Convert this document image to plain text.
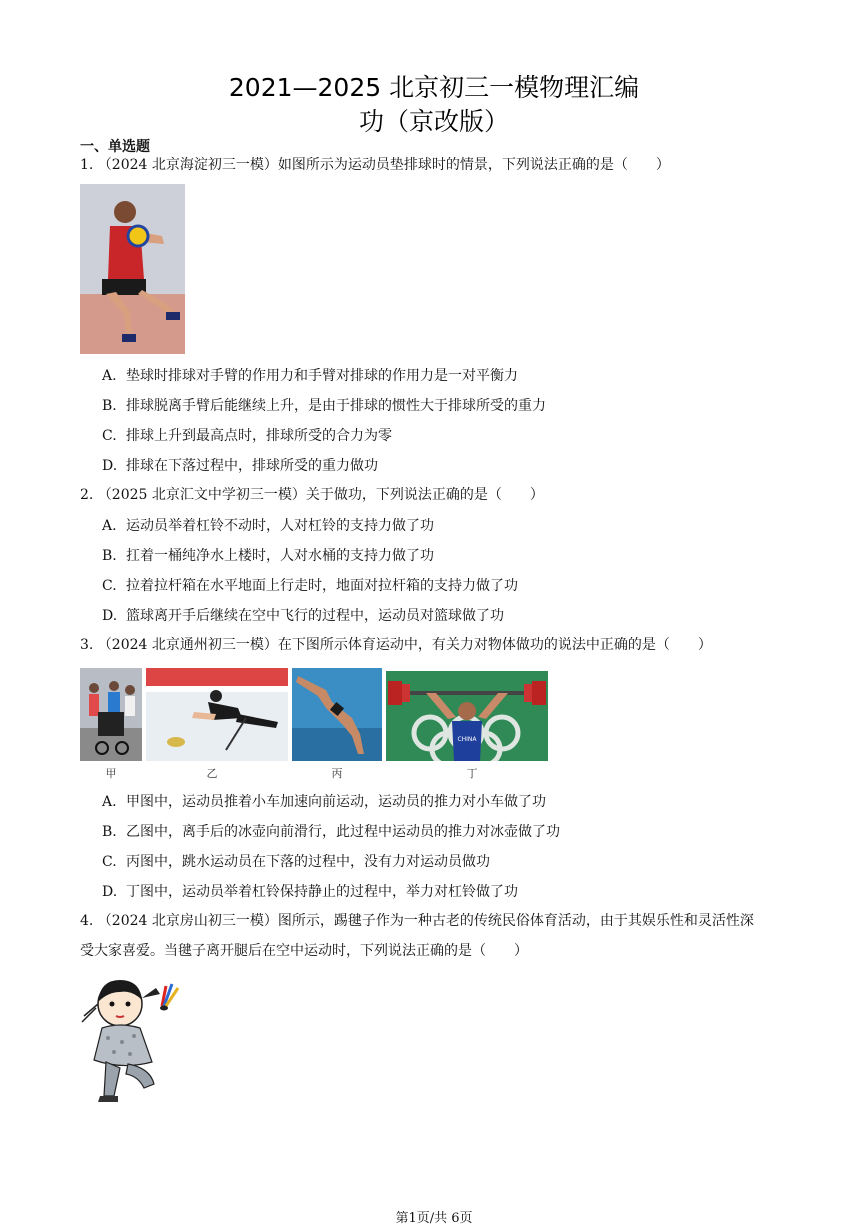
2021—2025 北京初三一模物理汇编
功（京改版）
一、单选题
1. （2024 北京海淀初三一模）如图所示为运动员垫排球时的情景，下列说法正确的是（　　）
A. 垫球时排球对手臂的作用力和手臂对排球的作用力是一对平衡力
B. 排球脱离手臂后能继续上升，是由于排球的惯性大于排球所受的重力
C. 排球上升到最高点时，排球所受的合力为零
D. 排球在下落过程中，排球所受的重力做功
2. （2025 北京汇文中学初三一模）关于做功，下列说法正确的是（　　）
A. 运动员举着杠铃不动时，人对杠铃的支持力做了功
B. 扛着一桶纯净水上楼时，人对水桶的支持力做了功
C. 拉着拉杆箱在水平地面上行走时，地面对拉杆箱的支持力做了功
D. 篮球离开手后继续在空中飞行的过程中，运动员对篮球做了功
3. （2024 北京通州初三一模）在下图所示体育运动中，有关力对物体做功的说法中正确的是（　　）
CHINA
甲	乙	丙	丁
A. 甲图中，运动员推着小车加速向前运动，运动员的推力对小车做了功
B. 乙图中，离手后的冰壶向前滑行，此过程中运动员的推力对冰壶做了功
C. 丙图中，跳水运动员在下落的过程中，没有力对运动员做功
D. 丁图中，运动员举着杠铃保持静止的过程中，举力对杠铃做了功
4. （2024 北京房山初三一模）图所示，踢毽子作为一种古老的传统民俗体育活动，由于其娱乐性和灵活性深
受大家喜爱。当毽子离开腿后在空中运动时，下列说法正确的是（　　）
第1页/共 6页
